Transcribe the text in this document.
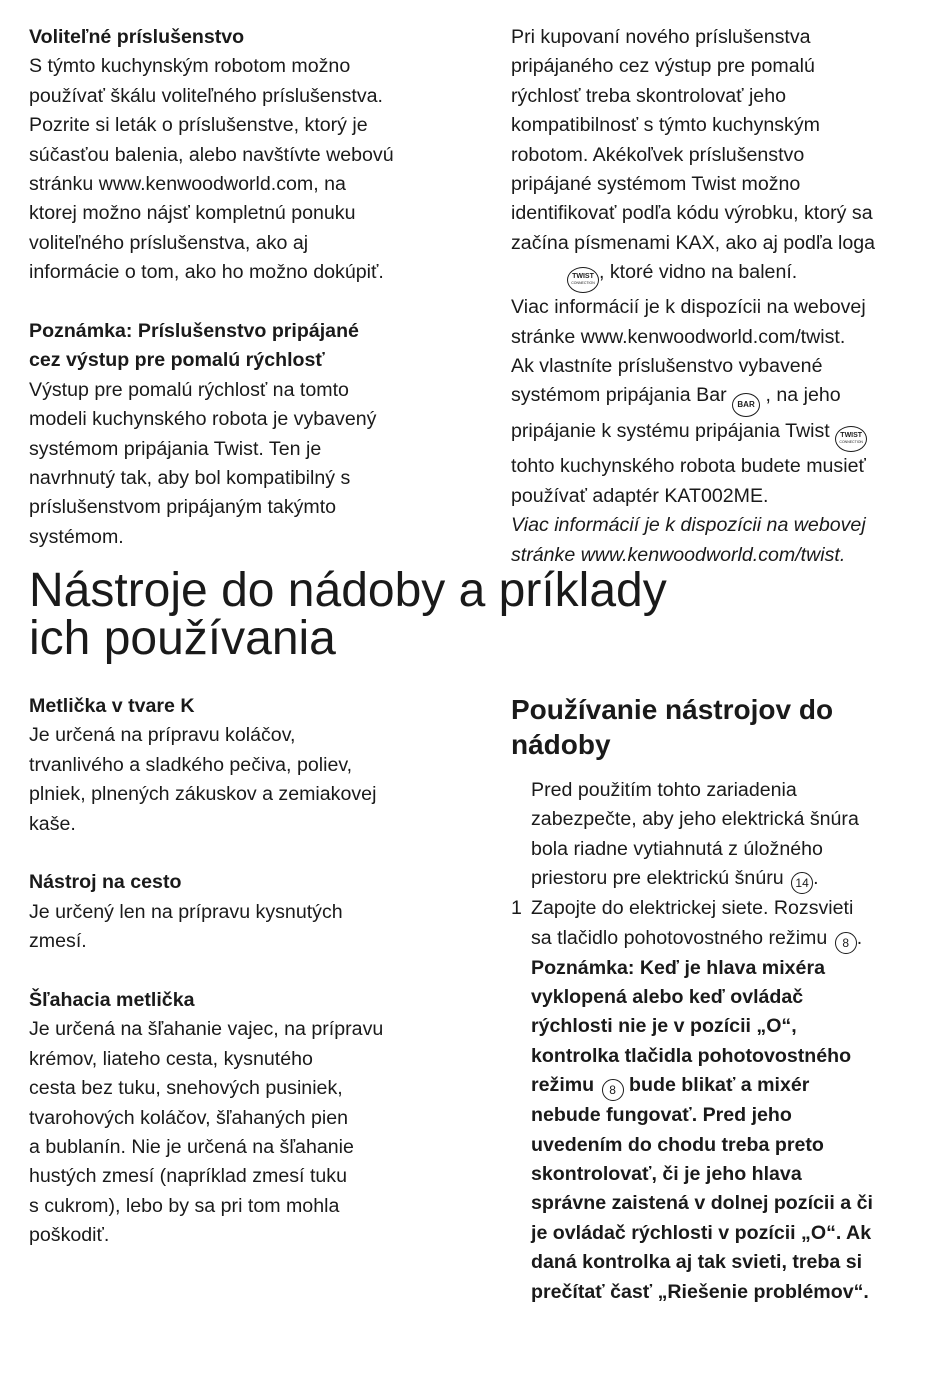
Voliteľné príslušenstvo

S týmto kuchynským robotom možno

používať škálu voliteľného príslušenstva.

Pozrite si leták o príslušenstve, ktorý je

súčasťou balenia, alebo navštívte webovú

stránku www.kenwoodworld.com, na

ktorej možno nájsť kompletnú ponuku

voliteľného príslušenstva, ako aj

informácie o tom, ako ho možno dokúpiť.

Poznámka: Príslušenstvo pripájané

cez výstup pre pomalú rýchlosť

Výstup pre pomalú rýchlosť na tomto

modeli kuchynského robota je vybavený

systémom pripájania Twist. Ten je

navrhnutý tak, aby bol kompatibilný s

príslušenstvom pripájaným takýmto

systémom.

Pri kupovaní nového príslušenstva

pripájaného cez výstup pre pomalú

rýchlosť treba skontrolovať jeho

kompatibilnosť s týmto kuchynským

robotom. Akékoľvek príslušenstvo

pripájané systémom Twist možno

identifikovať podľa kódu výrobku, ktorý sa

začína písmenami KAX, ako aj podľa loga

TWIST
CONNECTION , ktoré vidno na balení.

Viac informácií je k dispozícii na webovej

stránke www.kenwoodworld.com/twist.

Ak vlastníte príslušenstvo vybavené

systémom pripájania Bar BAR , na jeho

pripájanie k systému pripájania Twist TWIST
CONNECTION

tohto kuchynského robota budete musieť

používať adaptér KAT002ME.

Viac informácií je k dispozícii na webovej

stránke www.kenwoodworld.com/twist.

Nástroje do nádoby a príklady
ich používania

Metlička v tvare K

Je určená na prípravu koláčov,

trvanlivého a sladkého pečiva, poliev,

plniek, plnených zákuskov a zemiakovej

kaše.

Nástroj na cesto

Je určený len na prípravu kysnutých

zmesí.

Šľahacia metlička

Je určená na šľahanie vajec, na prípravu

krémov, liateho cesta, kysnutého

cesta bez tuku, snehových pusiniek,

tvarohových koláčov, šľahaných pien

a bublanín. Nie je určená na šľahanie

hustých zmesí (napríklad zmesí tuku

s cukrom), lebo by sa pri tom mohla

poškodiť.

Používanie nástrojov do
nádoby

Pred použitím tohto zariadenia

zabezpečte, aby jeho elektrická šnúra

bola riadne vytiahnutá z úložného

priestoru pre elektrickú šnúru 14 .

1 Zapojte do elektrickej siete. Rozsvieti

sa tlačidlo pohotovostného režimu 8 .

Poznámka: Keď je hlava mixéra

vyklopená alebo keď ovládač

rýchlosti nie je v pozícii „O“,

kontrolka tlačidla pohotovostného

režimu 8 bude blikať a mixér

nebude fungovať. Pred jeho

uvedením do chodu treba preto

skontrolovať, či je jeho hlava

správne zaistená v dolnej pozícii a či

je ovládač rýchlosti v pozícii „O“. Ak

daná kontrolka aj tak svieti, treba si

prečítať časť „Riešenie problémov“.
